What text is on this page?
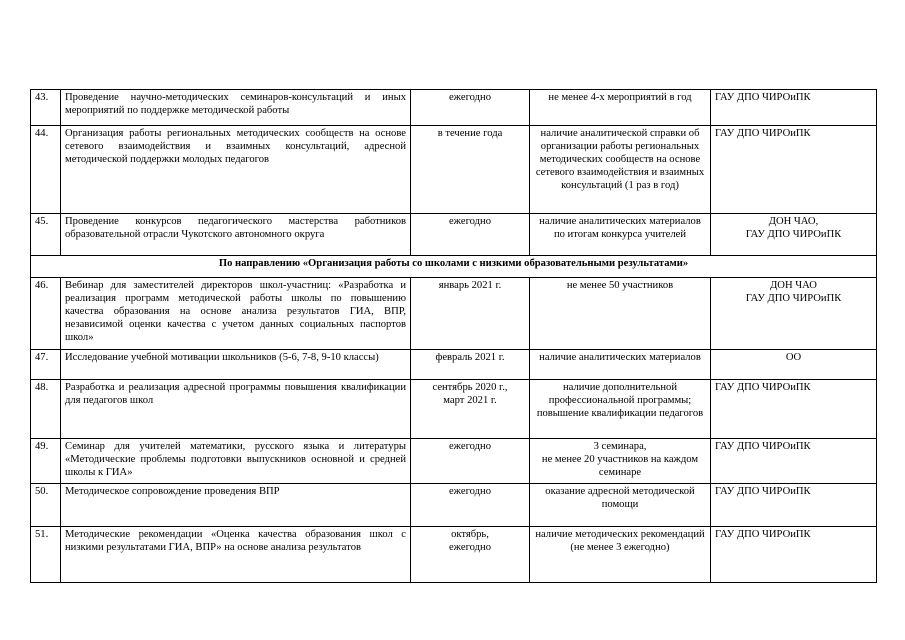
43.	Проведение научно-методических семинаров-консультаций и иных мероприятий по поддержке методической работы	ежегодно	не менее 4-х мероприятий в год	ГАУ ДПО ЧИРОиПК
44.	Организация работы региональных методических сообществ на основе сетевого взаимодействия и взаимных консультаций, адресной методической поддержки молодых педагогов	в течение года	наличие аналитической справки об организации работы региональных методических сообществ на основе сетевого взаимодействия и взаимных консультаций (1 раз в год)	ГАУ ДПО ЧИРОиПК
45.	Проведение конкурсов педагогического мастерства работников образовательной отрасли Чукотского автономного округа	ежегодно	наличие аналитических материалов по итогам конкурса учителей	ДОН ЧАО,
ГАУ ДПО ЧИРОиПК
По направлению «Организация работы со школами с низкими образовательными результатами»				
46.	Вебинар для заместителей директоров школ-участниц: «Разработка и реализация программ методической работы школы по повышению качества образования на основе анализа результатов ГИА, ВПР, независимой оценки качества с учетом данных социальных паспортов школ»	январь 2021 г.	не менее 50 участников	ДОН ЧАО
ГАУ ДПО ЧИРОиПК
47.	Исследование учебной мотивации школьников (5-6, 7-8, 9-10 классы)	февраль 2021 г.	наличие аналитических материалов	ОО
48.	Разработка и реализация адресной программы повышения квалификации для педагогов школ	сентябрь 2020 г.,
март 2021 г.	наличие дополнительной профессиональной программы; повышение квалификации педагогов	ГАУ ДПО ЧИРОиПК
49.	Семинар для учителей математики, русского языка и литературы «Методические проблемы подготовки выпускников основной и средней школы к ГИА»	ежегодно	3 семинара,
не менее 20 участников на каждом семинаре	ГАУ ДПО ЧИРОиПК
50.	Методическое сопровождение проведения ВПР	ежегодно	оказание адресной методической помощи	ГАУ ДПО ЧИРОиПК
51.	Методические рекомендации «Оценка качества образования школ с низкими результатами ГИА, ВПР» на основе анализа результатов	октябрь,
ежегодно	наличие методических рекомендаций (не менее 3 ежегодно)	ГАУ ДПО ЧИРОиПК
